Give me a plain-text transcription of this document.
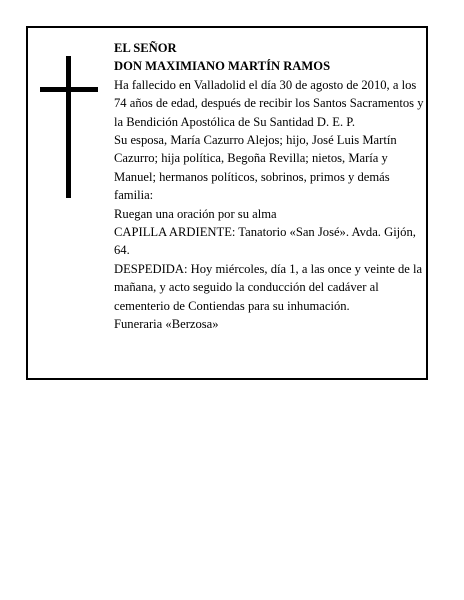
EL SEÑOR

DON MAXIMIANO MARTÍN RAMOS

Ha fallecido en Valladolid el día 30 de agosto de 2010, a los 74 años de edad, después de recibir los Santos Sacramentos y la Bendición Apostólica de Su Santidad D. E. P.

Su esposa, María Cazurro Alejos; hijo, José Luis Martín Cazurro; hija política, Begoña Revilla; nietos, María y Manuel; hermanos políticos, sobrinos, primos y demás familia:

Ruegan una oración por su alma

CAPILLA ARDIENTE: Tanatorio «San José». Avda. Gijón, 64.

DESPEDIDA: Hoy miércoles, día 1, a las once y veinte de la mañana, y acto seguido la conducción del cadáver al cementerio de Contiendas para su inhumación.

Funeraria «Berzosa»
